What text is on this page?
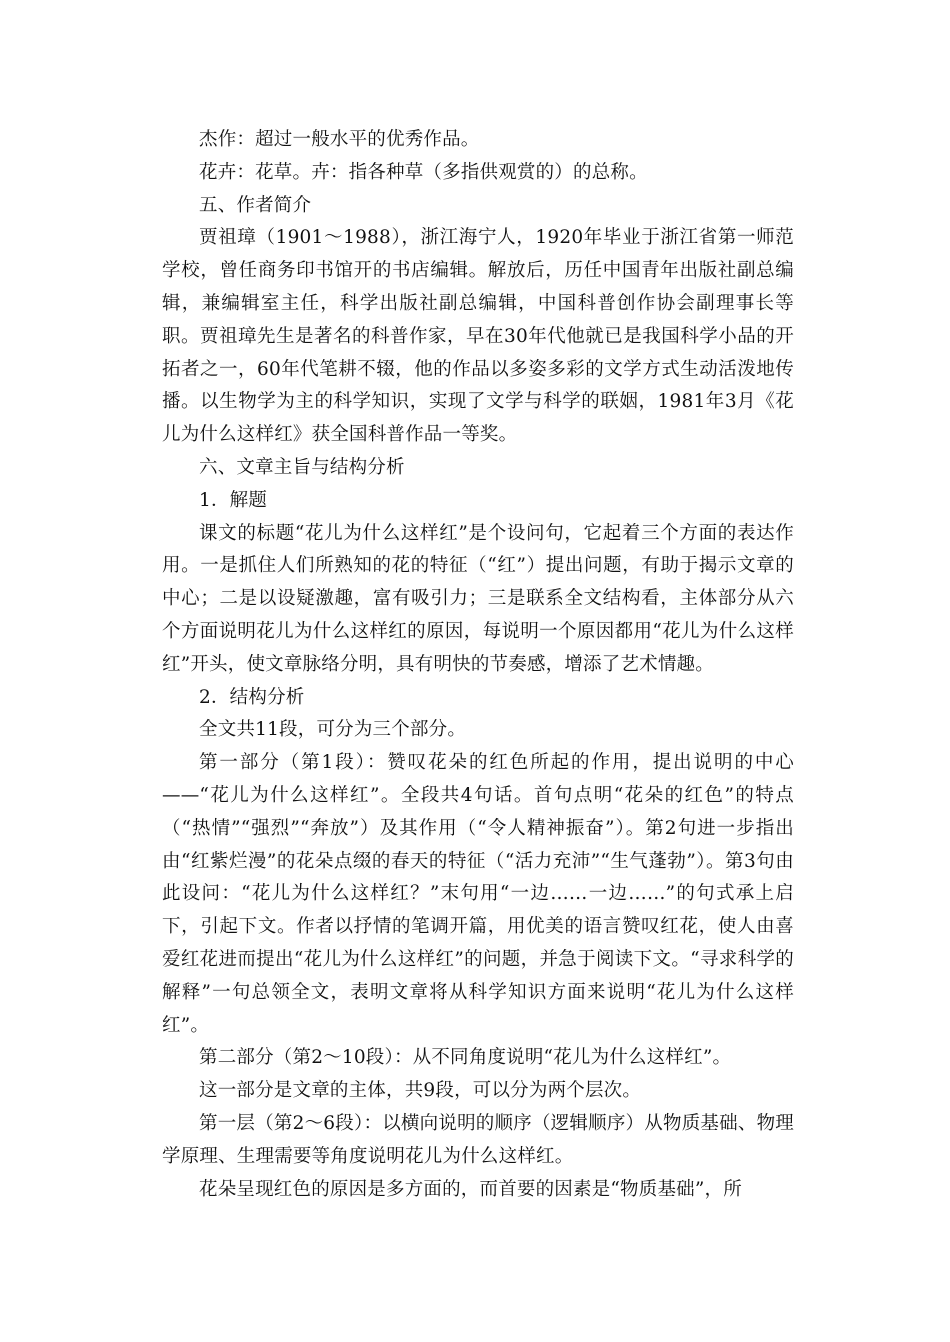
杰作：超过一般水平的优秀作品。

花卉：花草。卉：指各种草（多指供观赏的）的总称。

五、作者简介

贾祖璋（1901～1988），浙江海宁人，1920年毕业于浙江省第一师范学校，曾任商务印书馆开的书店编辑。解放后，历任中国青年出版社副总编辑，兼编辑室主任，科学出版社副总编辑，中国科普创作协会副理事长等职。贾祖璋先生是著名的科普作家，早在30年代他就已是我国科学小品的开拓者之一，60年代笔耕不辍，他的作品以多姿多彩的文学方式生动活泼地传播。以生物学为主的科学知识，实现了文学与科学的联姻，1981年3月《花儿为什么这样红》获全国科普作品一等奖。

六、文章主旨与结构分析

1．解题

课文的标题“花儿为什么这样红”是个设问句，它起着三个方面的表达作用。一是抓住人们所熟知的花的特征（“红”）提出问题，有助于揭示文章的中心；二是以设疑激趣，富有吸引力；三是联系全文结构看，主体部分从六个方面说明花儿为什么这样红的原因，每说明一个原因都用“花儿为什么这样红”开头，使文章脉络分明，具有明快的节奏感，增添了艺术情趣。

2．结构分析

全文共11段，可分为三个部分。

第一部分（第1段）：赞叹花朵的红色所起的作用，提出说明的中心——“花儿为什么这样红”。全段共4句话。首句点明“花朵的红色”的特点（“热情”“强烈”“奔放”）及其作用（“令人精神振奋”）。第2句进一步指出由“红紫烂漫”的花朵点缀的春天的特征（“活力充沛”“生气蓬勃”）。第3句由此设问：“花儿为什么这样红？”末句用“一边……一边……”的句式承上启下，引起下文。作者以抒情的笔调开篇，用优美的语言赞叹红花，使人由喜爱红花进而提出“花儿为什么这样红”的问题，并急于阅读下文。“寻求科学的解释”一句总领全文，表明文章将从科学知识方面来说明“花儿为什么这样红”。

第二部分（第2～10段）：从不同角度说明“花儿为什么这样红”。

这一部分是文章的主体，共9段，可以分为两个层次。

第一层（第2～6段）：以横向说明的顺序（逻辑顺序）从物质基础、物理学原理、生理需要等角度说明花儿为什么这样红。

花朵呈现红色的原因是多方面的，而首要的因素是“物质基础”，所
